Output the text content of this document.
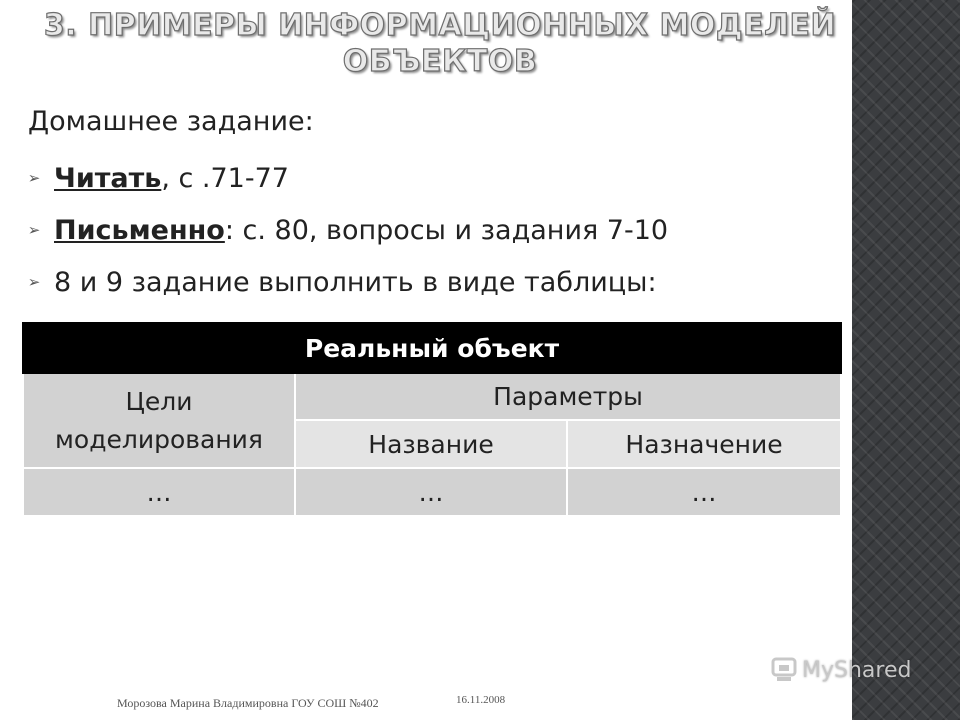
3. ПРИМЕРЫ ИНФОРМАЦИОННЫХ МОДЕЛЕЙ
ОБЪЕКТОВ
Домашнее задание:
➢ Читать , с .71-77
➢ Письменно : с. 80, вопросы и задания 7-10
➢ 8 и 9 задание выполнить в виде таблицы:
Реальный объект		
Цели моделирования	Параметры	
	Название	Назначение
…	…	…
Морозова Марина Владимировна ГОУ СОШ №402	16.11.2008
MyShared
